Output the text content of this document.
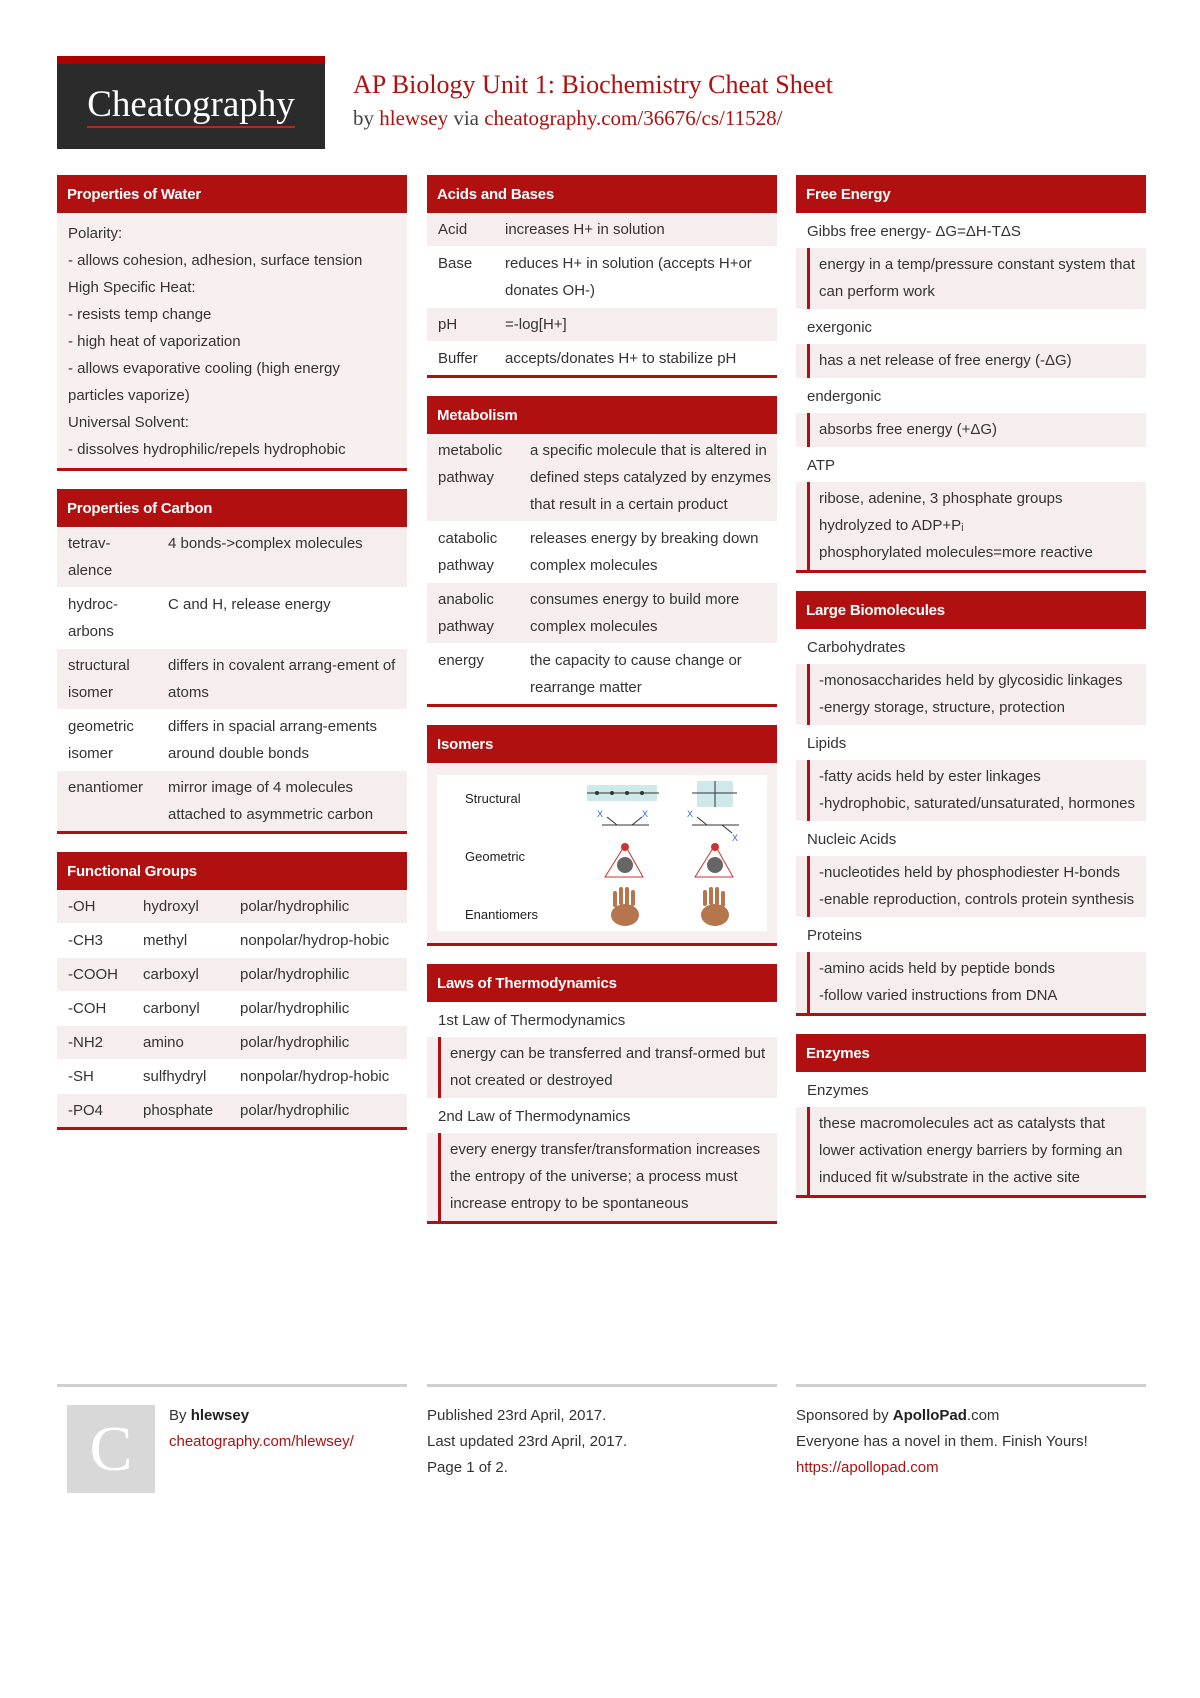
Cheatography AP Biology Unit 1: Biochemistry Cheat Sheet
by hlewsey via cheatography.com/36676/cs/11528/
Properties of Water
Polarity:
- allows cohesion, adhesion, surface tension
High Specific Heat:
- resists temp change
- high heat of vaporization
- allows evaporative cooling (high energy particles vaporize)
Universal Solvent:
- dissolves hydrophilic/repels hydrophobic
Properties of Carbon
tetrav-alence	4 bonds->complex molecules
hydroc-arbons	C and H, release energy
structural isomer	differs in covalent arrang-ement of atoms
geometric isomer	differs in spacial arrang-ements around double bonds
enantiomer	mirror image of 4 molecules attached to asymmetric carbon
Functional Groups
-OH	hydroxyl	polar/hydrophilic
-CH3	methyl	nonpolar/hydrop-hobic
-COOH	carboxyl	polar/hydrophilic
-COH	carbonyl	polar/hydrophilic
-NH2	amino	polar/hydrophilic
-SH	sulfhydryl	nonpolar/hydrop-hobic
-PO4	phosphate	polar/hydrophilic
Acids and Bases
Acid	increases H+ in solution
Base	reduces H+ in solution (accepts H+or donates OH-)
pH	=-log[H+]
Buffer	accepts/donates H+ to stabilize pH
Metabolism
metabolic pathway	a specific molecule that is altered in defined steps catalyzed by enzymes that result in a certain product
catabolic pathway	releases energy by breaking down complex molecules
anabolic pathway	consumes energy to build more complex molecules
energy	the capacity to cause change or rearrange matter
Isomers
Structural
Geometric
Enantiomers
X	X	X
X
Laws of Thermodynamics
1st Law of Thermodynamics
energy can be transferred and transf-ormed but not created or destroyed
2nd Law of Thermodynamics
every energy transfer/transformation increases the entropy of the universe; a process must increase entropy to be spontaneous
Free Energy
Gibbs free energy- ΔG=ΔH-TΔS
energy in a temp/pressure constant system that can perform work
exergonic
has a net release of free energy (-ΔG)
endergonic
absorbs free energy (+ΔG)
ATP
ribose, adenine, 3 phosphate groups
hydrolyzed to ADP+Pᵢ
phosphorylated molecules=more reactive
Large Biomolecules
Carbohydrates
-monosaccharides held by glycosidic linkages
-energy storage, structure, protection
Lipids
-fatty acids held by ester linkages
-hydrophobic, saturated/unsaturated, hormones
Nucleic Acids
-nucleotides held by phosphodiester H-bonds
-enable reproduction, controls protein synthesis
Proteins
-amino acids held by peptide bonds
-follow varied instructions from DNA
Enzymes
Enzymes
these macromolecules act as catalysts that lower activation energy barriers by forming an induced fit w/substrate in the active site
C	By hlewsey
cheatography.com/hlewsey/
Published 23rd April, 2017.
Last updated 23rd April, 2017.
Page 1 of 2.
Sponsored by ApolloPad.com
Everyone has a novel in them. Finish Yours!
https://apollopad.com
